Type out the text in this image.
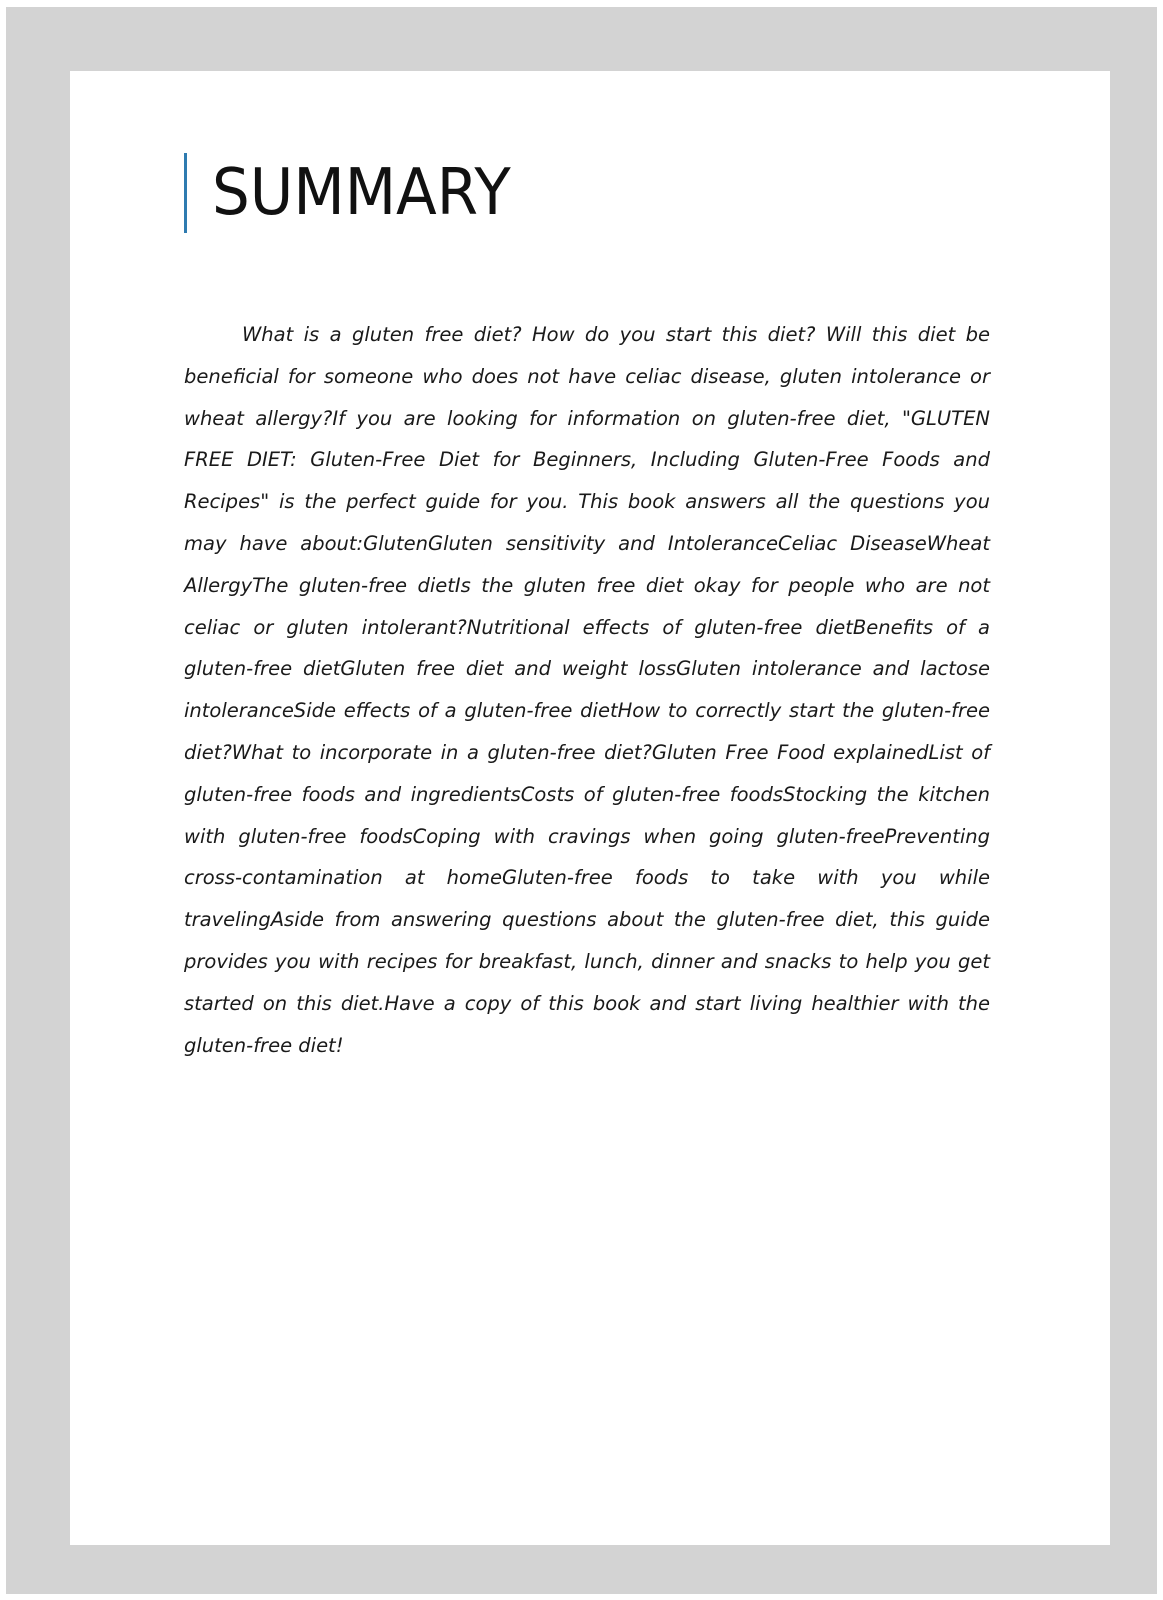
SUMMARY

What is a gluten free diet? How do you start this diet? Will this diet be beneficial for someone who does not have celiac disease, gluten intolerance or wheat allergy?If you are looking for information on gluten-free diet, "GLUTEN FREE DIET: Gluten-Free Diet for Beginners, Including Gluten-Free Foods and Recipes" is the perfect guide for you. This book answers all the questions you may have about:GlutenGluten sensitivity and IntoleranceCeliac DiseaseWheat AllergyThe gluten-free dietIs the gluten free diet okay for people who are not celiac or gluten intolerant?Nutritional effects of gluten-free dietBenefits of a gluten-free dietGluten free diet and weight lossGluten intolerance and lactose intoleranceSide effects of a gluten-free dietHow to correctly start the gluten-free diet?What to incorporate in a gluten-free diet?Gluten Free Food explainedList of gluten-free foods and ingredientsCosts of gluten-free foodsStocking the kitchen with gluten-free foodsCoping with cravings when going gluten-freePreventing cross-contamination at homeGluten-free foods to take with you while travelingAside from answering questions about the gluten-free diet, this guide provides you with recipes for breakfast, lunch, dinner and snacks to help you get started on this diet.Have a copy of this book and start living healthier with the gluten-free diet!
